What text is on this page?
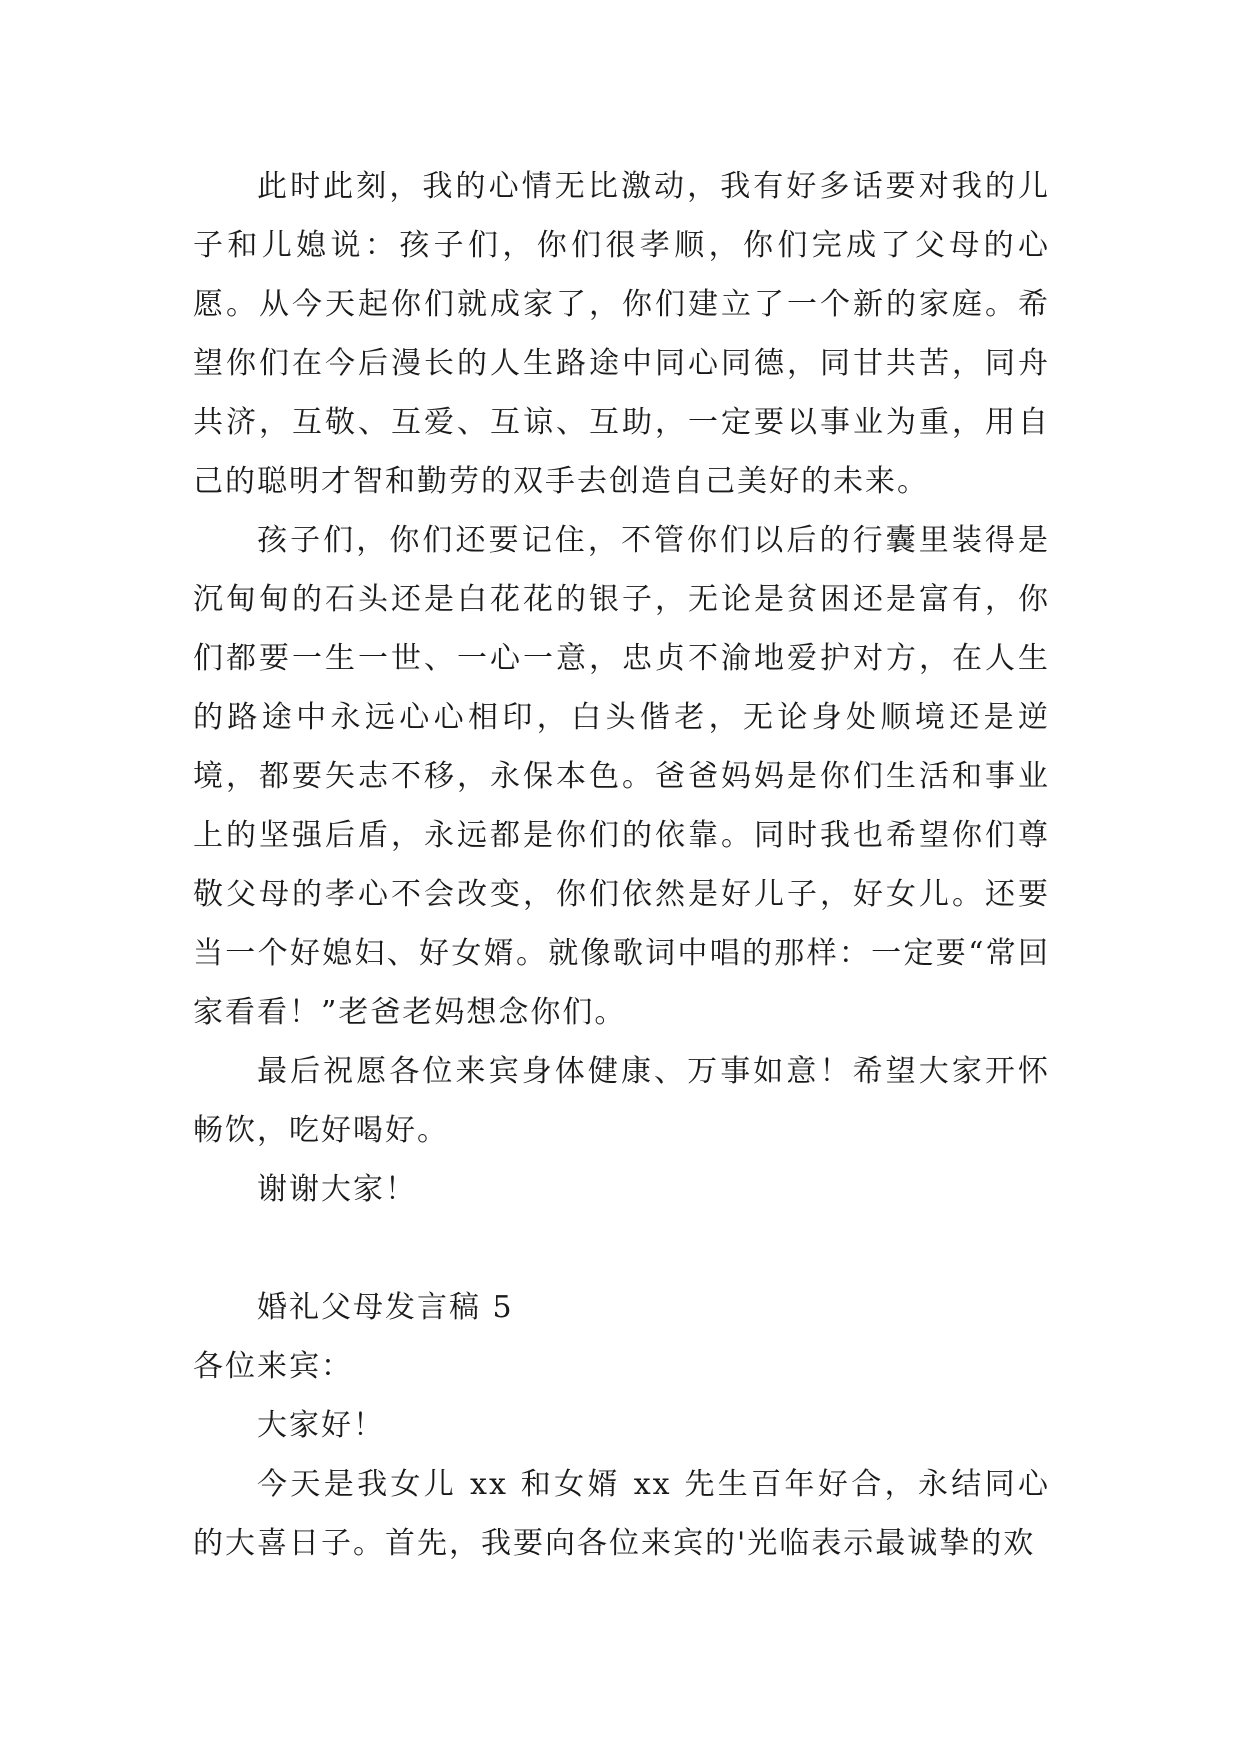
此时此刻，我的心情无比激动，我有好多话要对我的儿子和儿媳说：孩子们，你们很孝顺，你们完成了父母的心愿。从今天起你们就成家了，你们建立了一个新的家庭。希望你们在今后漫长的人生路途中同心同德，同甘共苦，同舟共济，互敬、互爱、互谅、互助，一定要以事业为重，用自己的聪明才智和勤劳的双手去创造自己美好的未来。

孩子们，你们还要记住，不管你们以后的行囊里装得是沉甸甸的石头还是白花花的银子，无论是贫困还是富有，你们都要一生一世、一心一意，忠贞不渝地爱护对方，在人生的路途中永远心心相印，白头偕老，无论身处顺境还是逆境，都要矢志不移，永保本色。爸爸妈妈是你们生活和事业上的坚强后盾，永远都是你们的依靠。同时我也希望你们尊敬父母的孝心不会改变，你们依然是好儿子，好女儿。还要当一个好媳妇、好女婿。就像歌词中唱的那样：一定要“常回家看看！”老爸老妈想念你们。

最后祝愿各位来宾身体健康、万事如意！希望大家开怀畅饮，吃好喝好。

谢谢大家！

婚礼父母发言稿 5

各位来宾：

大家好！

今天是我女儿 xx 和女婿 xx 先生百年好合，永结同心的大喜日子。首先，我要向各位来宾的'光临表示最诚挚的欢
